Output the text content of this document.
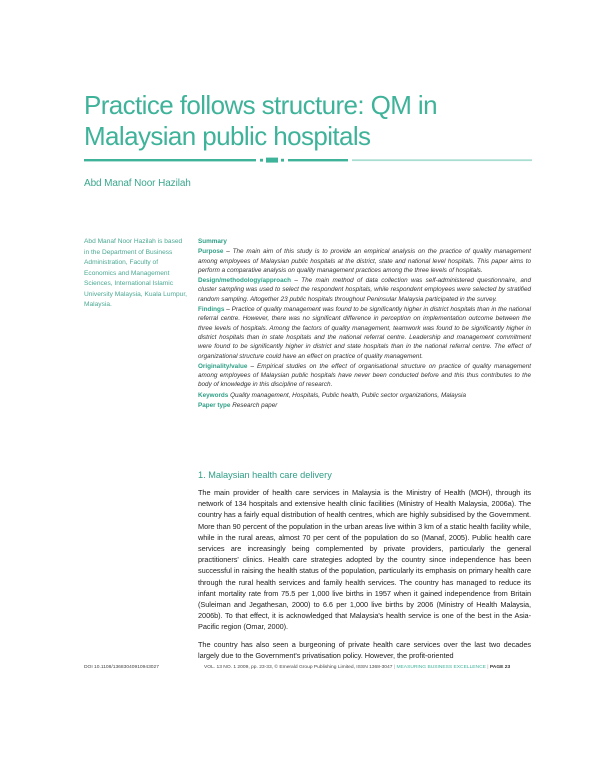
Practice follows structure: QM in Malaysian public hospitals
Abd Manaf Noor Hazilah
Abd Manaf Noor Hazilah is based in the Department of Business Administration, Faculty of Economics and Management Sciences, International Islamic University Malaysia, Kuala Lumpur, Malaysia.

Summary

Purpose – The main aim of this study is to provide an empirical analysis on the practice of quality management among employees of Malaysian public hospitals at the district, state and national level hospitals. This paper aims to perform a comparative analysis on quality management practices among the three levels of hospitals.

Design/methodology/approach – The main method of data collection was self-administered questionnaire, and cluster sampling was used to select the respondent hospitals, while respondent employees were selected by stratified random sampling. Altogether 23 public hospitals throughout Peninsular Malaysia participated in the survey.

Findings – Practice of quality management was found to be significantly higher in district hospitals than in the national referral centre. However, there was no significant difference in perception on implementation outcome between the three levels of hospitals. Among the factors of quality management, teamwork was found to be significantly higher in district hospitals than in state hospitals and the national referral centre. Leadership and management commitment were found to be significantly higher in district and state hospitals than in the national referral centre. The effect of organizational structure could have an effect on practice of quality management.

Originality/value – Empirical studies on the effect of organisational structure on practice of quality management among employees of Malaysian public hospitals have never been conducted before and this thus contributes to the body of knowledge in this discipline of research.

Keywords Quality management, Hospitals, Public health, Public sector organizations, Malaysia

Paper type Research paper

1. Malaysian health care delivery

The main provider of health care services in Malaysia is the Ministry of Health (MOH), through its network of 134 hospitals and extensive health clinic facilities (Ministry of Health Malaysia, 2006a). The country has a fairly equal distribution of health centres, which are highly subsidised by the Government. More than 90 percent of the population in the urban areas live within 3 km of a static health facility while, while in the rural areas, almost 70 per cent of the population do so (Manaf, 2005). Public health care services are increasingly being complemented by private providers, particularly the general practitioners' clinics. Health care strategies adopted by the country since independence has been successful in raising the health status of the population, particularly its emphasis on primary health care through the rural health services and family health services. The country has managed to reduce its infant mortality rate from 75.5 per 1,000 live births in 1957 when it gained independence from Britain (Suleiman and Jegathesan, 2000) to 6.6 per 1,000 live births by 2006 (Ministry of Health Malaysia, 2006b). To that effect, it is acknowledged that Malaysia's health service is one of the best in the Asia-Pacific region (Omar, 2000).

The country has also seen a burgeoning of private health care services over the last two decades largely due to the Government's privatisation policy. However, the profit-oriented

DOI 10.1108/13683040910943027	VOL. 13 NO. 1 2009, pp. 23-33, © Emerald Group Publishing Limited, ISSN 1368-3047 | MEASURING BUSINESS EXCELLENCE | PAGE 23
